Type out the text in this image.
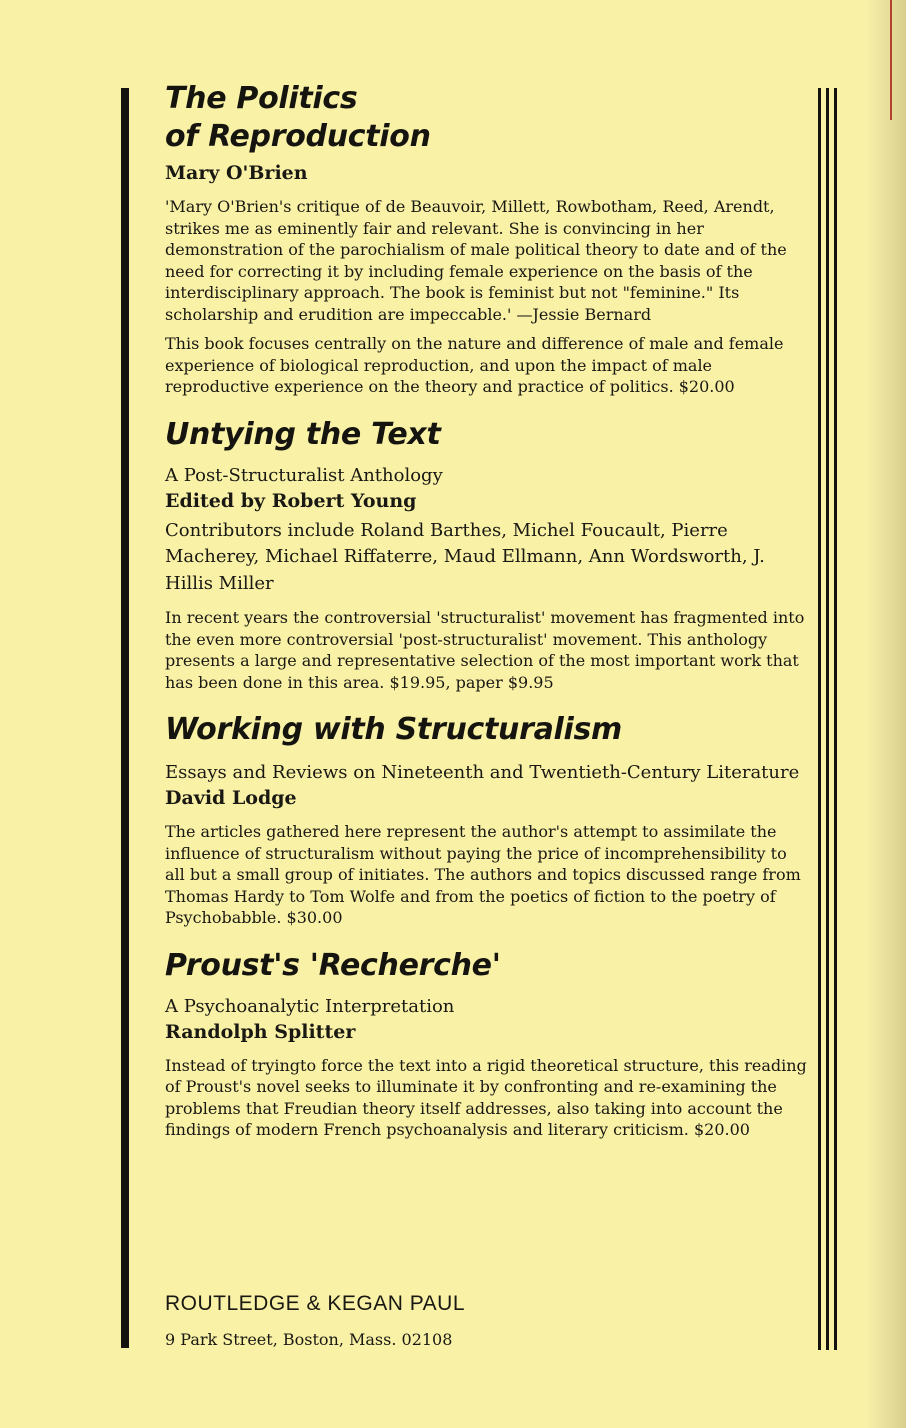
The Politics
of Reproduction

Mary O'Brien

'Mary O'Brien's critique of de Beauvoir, Millett, Rowbotham, Reed, Arendt, strikes me as eminently fair and relevant. She is convincing in her demonstration of the parochialism of male political theory to date and of the need for correcting it by including female experience on the basis of the interdisciplinary approach. The book is feminist but not "feminine." Its scholarship and erudition are impeccable.' —Jessie Bernard

This book focuses centrally on the nature and difference of male and female experience of biological reproduction, and upon the impact of male reproductive experience on the theory and practice of politics. $20.00

Untying the Text

A Post-Structuralist Anthology

Edited by Robert Young

Contributors include Roland Barthes, Michel Foucault, Pierre Macherey, Michael Riffaterre, Maud Ellmann, Ann Wordsworth, J. Hillis Miller

In recent years the controversial 'structuralist' movement has fragmented into the even more controversial 'post-structuralist' movement. This anthology presents a large and representative selection of the most important work that has been done in this area. $19.95, paper $9.95

Working with Structuralism

Essays and Reviews on Nineteenth and Twentieth-Century Literature

David Lodge

The articles gathered here represent the author's attempt to assimilate the influence of structuralism without paying the price of incomprehensibility to all but a small group of initiates. The authors and topics discussed range from Thomas Hardy to Tom Wolfe and from the poetics of fiction to the poetry of Psychobabble. $30.00

Proust's 'Recherche'

A Psychoanalytic Interpretation

Randolph Splitter

Instead of tryingto force the text into a rigid theoretical structure, this reading of Proust's novel seeks to illuminate it by confronting and re-examining the problems that Freudian theory itself addresses, also taking into account the findings of modern French psychoanalysis and literary criticism. $20.00

ROUTLEDGE & KEGAN PAUL

9 Park Street, Boston, Mass. 02108
